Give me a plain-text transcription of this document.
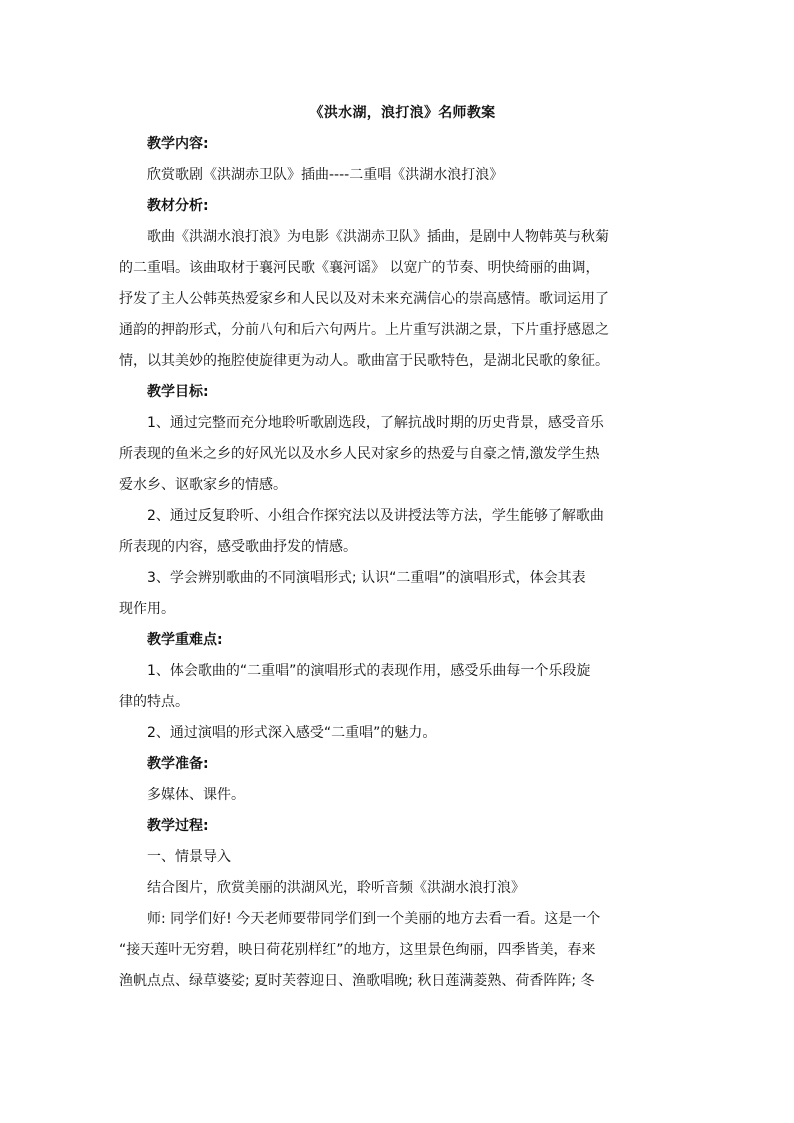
《洪水湖，浪打浪》名师教案
教学内容:
欣赏歌剧《洪湖赤卫队》插曲----二重唱《洪湖水浪打浪》
教材分析:
歌曲《洪湖水浪打浪》为电影《洪湖赤卫队》插曲，是剧中人物韩英与秋菊
的二重唱。该曲取材于襄河民歌《襄河谣》 以宽广的节奏、明快绮丽的曲调，
抒发了主人公韩英热爱家乡和人民以及对未来充满信心的崇高感情。歌词运用了
通韵的押韵形式，分前八句和后六句两片。上片重写洪湖之景，下片重抒感恩之
情，以其美妙的拖腔使旋律更为动人。歌曲富于民歌特色，是湖北民歌的象征。
教学目标:
1、通过完整而充分地聆听歌剧选段，了解抗战时期的历史背景，感受音乐
所表现的鱼米之乡的好风光以及水乡人民对家乡的热爱与自豪之情,激发学生热
爱水乡、讴歌家乡的情感。
2、通过反复聆听、小组合作探究法以及讲授法等方法，学生能够了解歌曲
所表现的内容，感受歌曲抒发的情感。
3、学会辨别歌曲的不同演唱形式; 认识“二重唱”的演唱形式，体会其表
现作用。
教学重难点:
1、体会歌曲的“二重唱”的演唱形式的表现作用，感受乐曲每一个乐段旋
律的特点。
2、通过演唱的形式深入感受“二重唱”的魅力。
教学准备:
多媒体、课件。
教学过程:
一、情景导入
结合图片，欣赏美丽的洪湖风光，聆听音频《洪湖水浪打浪》
师: 同学们好! 今天老师要带同学们到一个美丽的地方去看一看。这是一个
“接天莲叶无穷碧，映日荷花别样红”的地方，这里景色绚丽，四季皆美，春来
渔帆点点、绿草婆娑; 夏时芙蓉迎日、渔歌唱晚; 秋日莲满菱熟、荷香阵阵; 冬
